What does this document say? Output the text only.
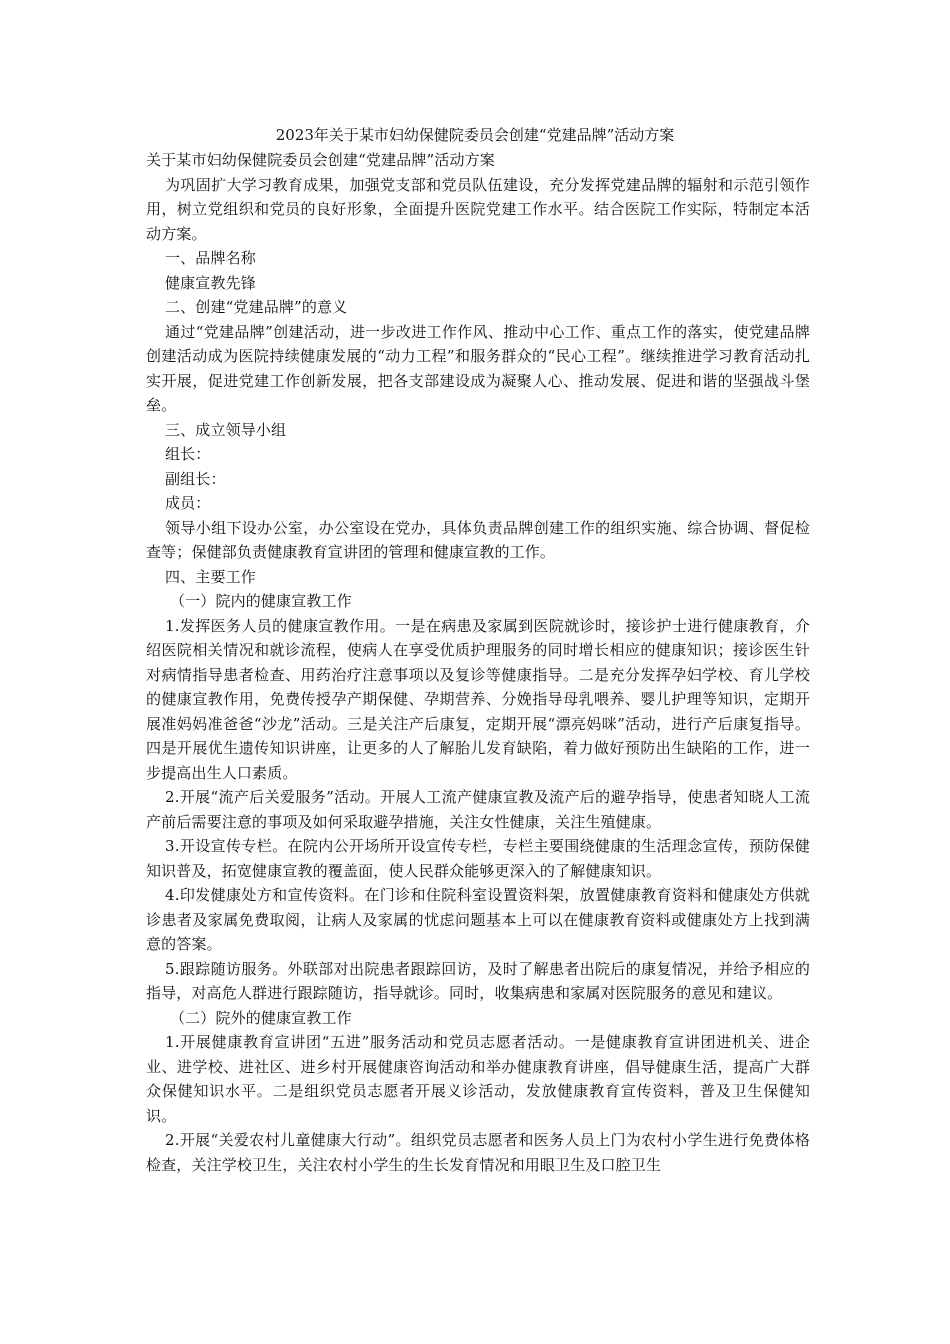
2023年关于某市妇幼保健院委员会创建“党建品牌”活动方案

关于某市妇幼保健院委员会创建“党建品牌”活动方案

为巩固扩大学习教育成果，加强党支部和党员队伍建设，充分发挥党建品牌的辐射和示范引领作用，树立党组织和党员的良好形象，全面提升医院党建工作水平。结合医院工作实际，特制定本活动方案。

一、品牌名称

健康宣教先锋

二、创建“党建品牌”的意义

通过“党建品牌”创建活动，进一步改进工作作风、推动中心工作、重点工作的落实，使党建品牌创建活动成为医院持续健康发展的“动力工程”和服务群众的“民心工程”。继续推进学习教育活动扎实开展，促进党建工作创新发展，把各支部建设成为凝聚人心、推动发展、促进和谐的坚强战斗堡垒。

三、成立领导小组

组长：

副组长：

成员：

领导小组下设办公室，办公室设在党办，具体负责品牌创建工作的组织实施、综合协调、督促检查等；保健部负责健康教育宣讲团的管理和健康宣教的工作。

四、主要工作

（一）院内的健康宣教工作

1.发挥医务人员的健康宣教作用。一是在病患及家属到医院就诊时，接诊护士进行健康教育，介绍医院相关情况和就诊流程，使病人在享受优质护理服务的同时增长相应的健康知识；接诊医生针对病情指导患者检查、用药治疗注意事项以及复诊等健康指导。二是充分发挥孕妇学校、育儿学校的健康宣教作用，免费传授孕产期保健、孕期营养、分娩指导母乳喂养、婴儿护理等知识，定期开展准妈妈准爸爸“沙龙”活动。三是关注产后康复，定期开展“漂亮妈咪”活动，进行产后康复指导。四是开展优生遗传知识讲座，让更多的人了解胎儿发育缺陷，着力做好预防出生缺陷的工作，进一步提高出生人口素质。

2.开展“流产后关爱服务”活动。开展人工流产健康宣教及流产后的避孕指导，使患者知晓人工流产前后需要注意的事项及如何采取避孕措施，关注女性健康，关注生殖健康。

3.开设宣传专栏。在院内公开场所开设宣传专栏，专栏主要围绕健康的生活理念宣传，预防保健知识普及，拓宽健康宣教的覆盖面，使人民群众能够更深入的了解健康知识。

4.印发健康处方和宣传资料。在门诊和住院科室设置资料架，放置健康教育资料和健康处方供就诊患者及家属免费取阅，让病人及家属的忧虑问题基本上可以在健康教育资料或健康处方上找到满意的答案。

5.跟踪随访服务。外联部对出院患者跟踪回访，及时了解患者出院后的康复情况，并给予相应的指导，对高危人群进行跟踪随访，指导就诊。同时，收集病患和家属对医院服务的意见和建议。

（二）院外的健康宣教工作

1.开展健康教育宣讲团“五进”服务活动和党员志愿者活动。一是健康教育宣讲团进机关、进企业、进学校、进社区、进乡村开展健康咨询活动和举办健康教育讲座，倡导健康生活，提高广大群众保健知识水平。二是组织党员志愿者开展义诊活动，发放健康教育宣传资料，普及卫生保健知识。

2.开展“关爱农村儿童健康大行动”。组织党员志愿者和医务人员上门为农村小学生进行免费体格检查，关注学校卫生，关注农村小学生的生长发育情况和用眼卫生及口腔卫生
